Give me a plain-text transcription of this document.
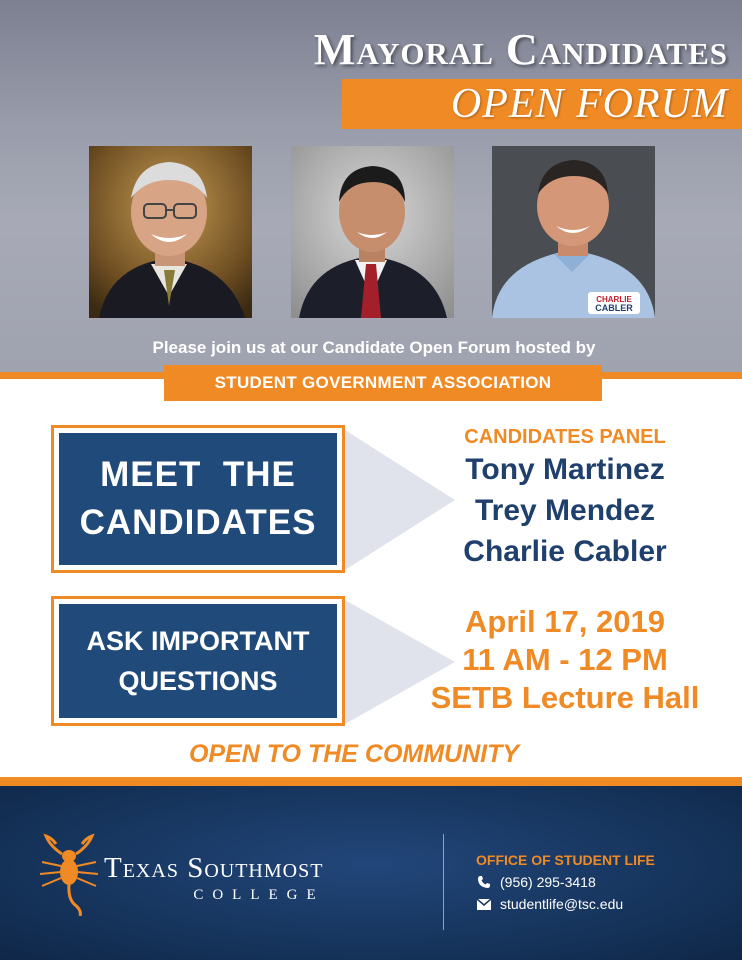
Mayoral Candidates
OPEN FORUM
CHARLIE
CABLER
Please join us at our Candidate Open Forum hosted by
STUDENT GOVERNMENT ASSOCIATION
MEET  THE
CANDIDATES
ASK IMPORTANT
QUESTIONS
CANDIDATES PANEL
Tony Martinez
Trey Mendez
Charlie Cabler
April 17, 2019
11 AM - 12 PM
SETB Lecture Hall
OPEN TO THE COMMUNITY
Texas Southmost
COLLEGE
OFFICE OF STUDENT LIFE
(956) 295-3418
studentlife@tsc.edu
